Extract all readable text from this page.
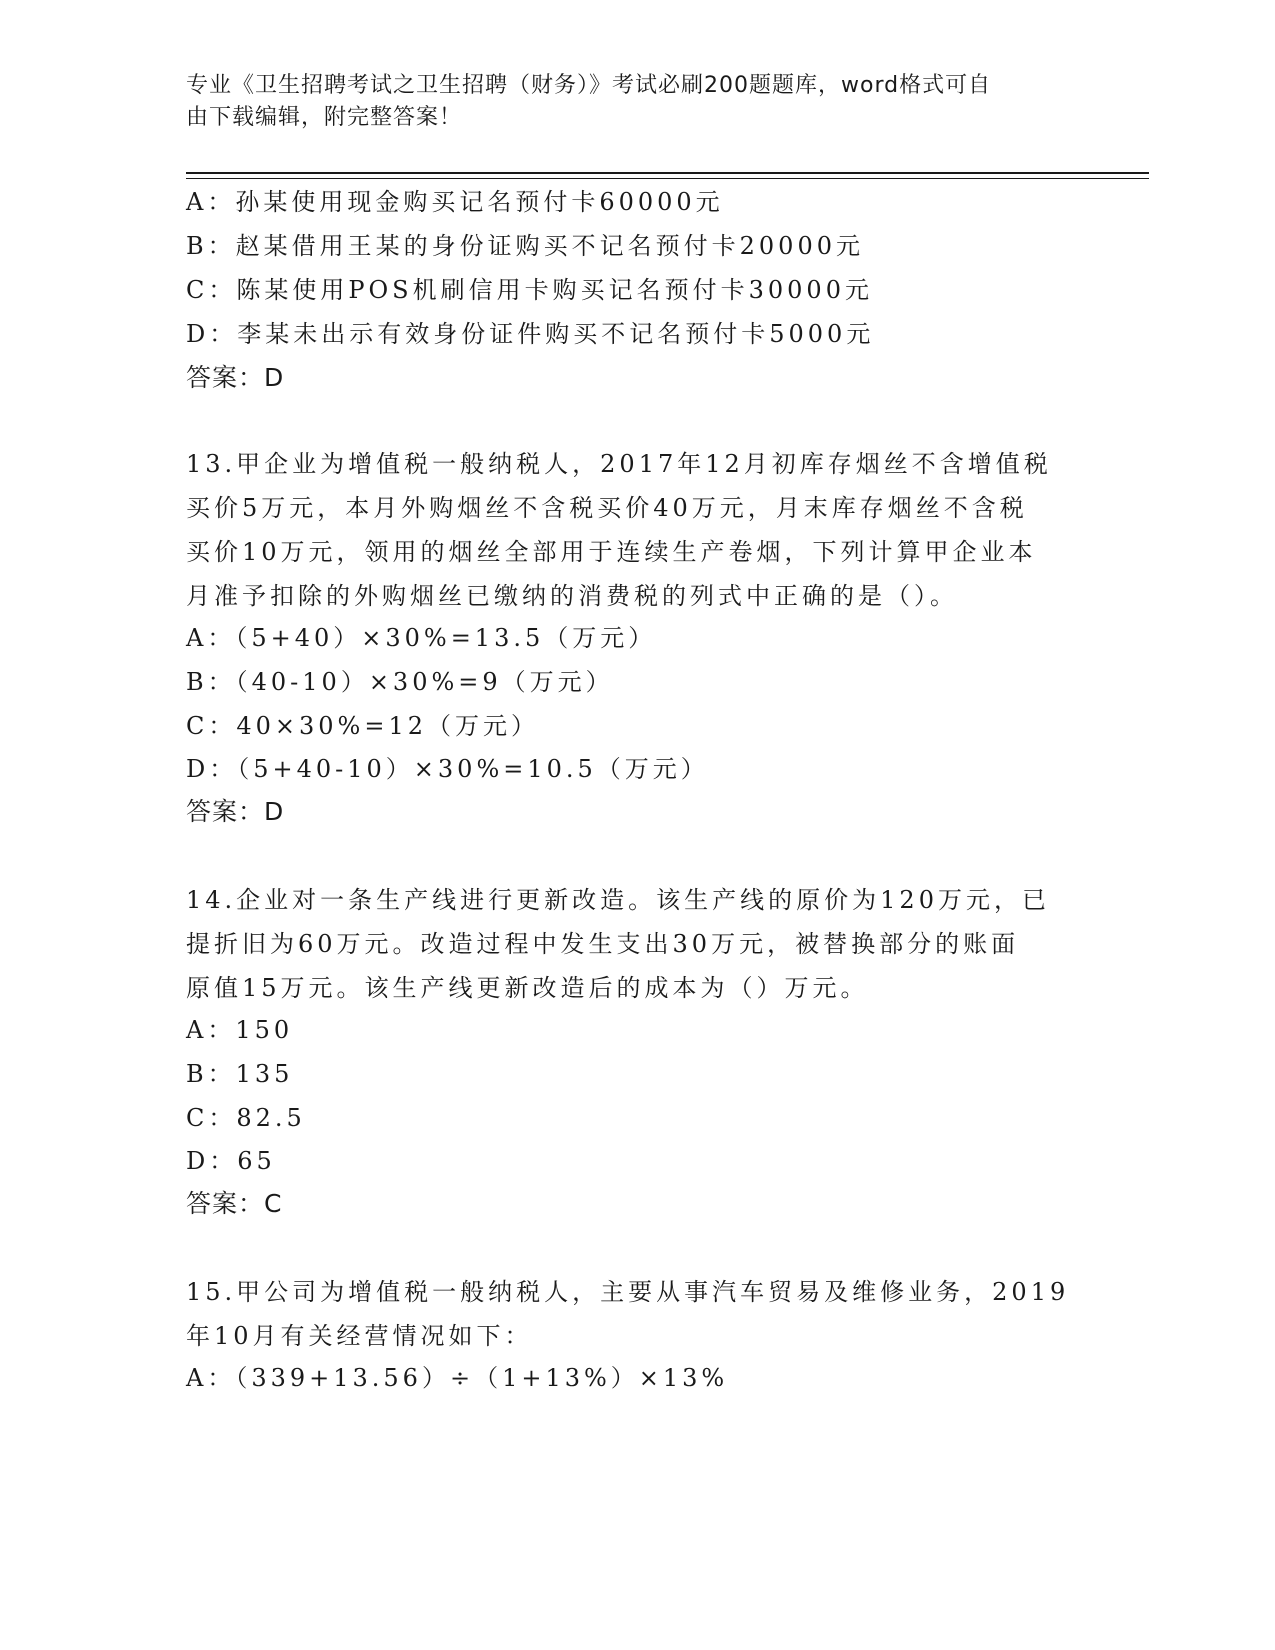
专业《卫生招聘考试之卫生招聘（财务）》考试必刷200题题库，word格式可自
由下载编辑，附完整答案！
A：孙某使用现金购买记名预付卡60000元
B：赵某借用王某的身份证购买不记名预付卡20000元
C：陈某使用POS机刷信用卡购买记名预付卡30000元
D：李某未出示有效身份证件购买不记名预付卡5000元
答案：D
13.甲企业为增值税一般纳税人，2017年12月初库存烟丝不含增值税
买价5万元，本月外购烟丝不含税买价40万元，月末库存烟丝不含税
买价10万元，领用的烟丝全部用于连续生产卷烟，下列计算甲企业本
月准予扣除的外购烟丝已缴纳的消费税的列式中正确的是（）。
A：（5+40）×30%=13.5（万元）
B：（40-10）×30%=9（万元）
C：40×30%=12（万元）
D：（5+40-10）×30%=10.5（万元）
答案：D
14.企业对一条生产线进行更新改造。该生产线的原价为120万元，已
提折旧为60万元。改造过程中发生支出30万元，被替换部分的账面
原值15万元。该生产线更新改造后的成本为（）万元。
A：150
B：135
C：82.5
D：65
答案：C
15.甲公司为增值税一般纳税人，主要从事汽车贸易及维修业务，2019
年10月有关经营情况如下：
A：（339+13.56）÷（1+13%）×13%
